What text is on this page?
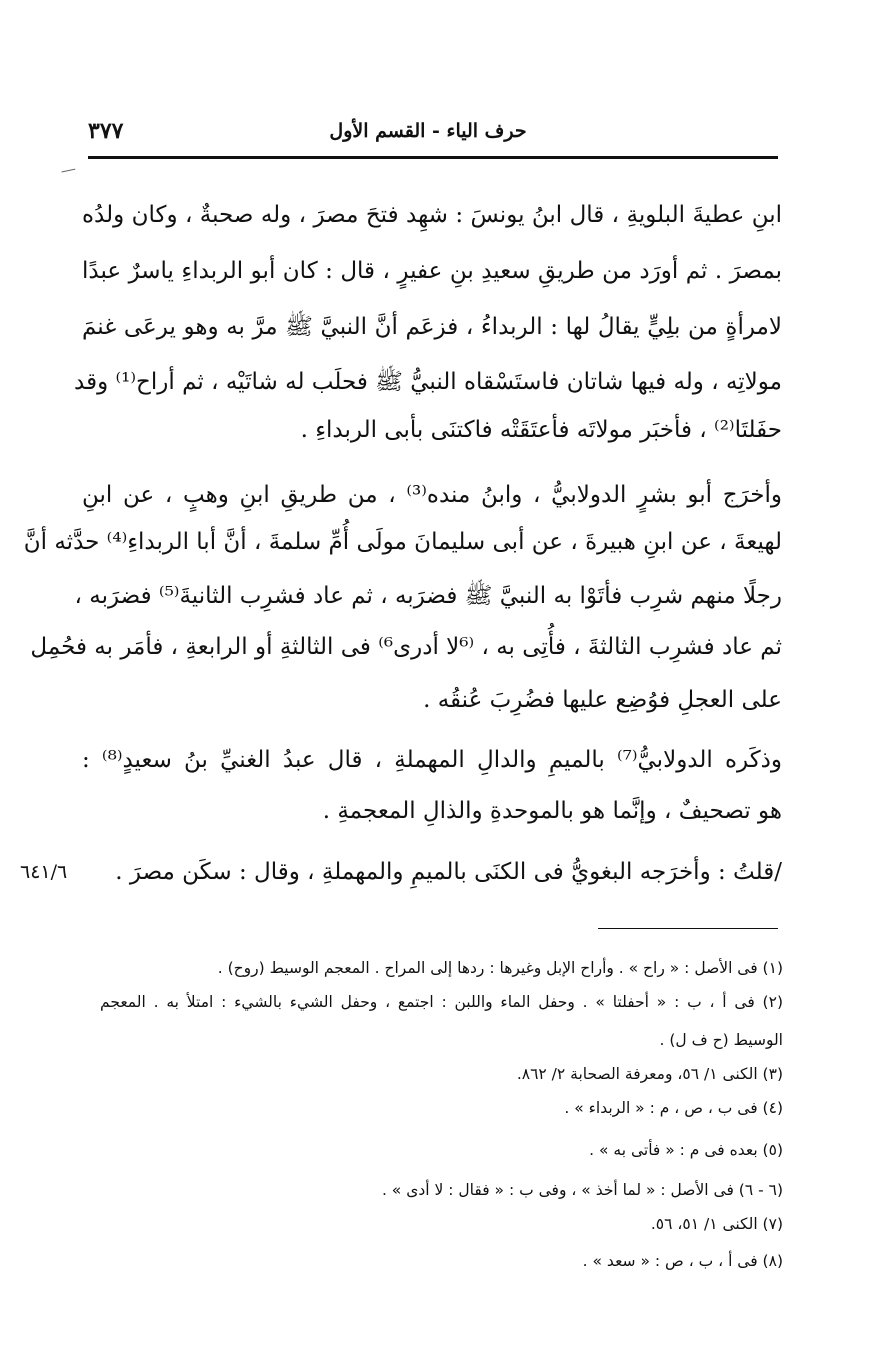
٣٧٧	حرف الياء - القسم الأول
ابنِ عطيةَ البلويةِ ، قال ابنُ يونسَ : شهِد فتحَ مصرَ ، وله صحبةٌ ، وكان ولدُه
بمصرَ . ثم أورَد من طريقِ سعيدِ بنِ عفيرٍ ، قال : كان أبو الربداءِ ياسرٌ عبدًا
لامرأةٍ من بلِيٍّ يقالُ لها : الربداءُ ، فزعَم أنَّ النبيَّ ﷺ مرَّ به وهو يرعَى غنمَ
مولاتِه ، وله فيها شاتان فاستَسْقاه النبيُّ ﷺ فحلَب له شاتَيْه ، ثم أراح⁽¹⁾ وقد
حفَلتَا⁽²⁾ ، فأخبَر مولاتَه فأعتَقَتْه فاكتنَى بأبى الربداءِ .
وأخرَج أبو بشرٍ الدولابيُّ ، وابنُ منده⁽³⁾ ، من طريقِ ابنِ وهبٍ ، عن ابنِ
لهيعةَ ، عن ابنِ هبيرةَ ، عن أبى سليمانَ مولَى أُمِّ سلمةَ ، أنَّ أبا الربداءِ⁽⁴⁾ حدَّثه أنَّ
رجلًا منهم شرِب فأتَوْا به النبيَّ ﷺ فضرَبه ، ثم عاد فشرِب الثانيةَ⁽⁵⁾ فضرَبه ،
ثم عاد فشرِب الثالثةَ ، فأُتِى به ، ⁽⁶لا أدرى⁶⁾ فى الثالثةِ أو الرابعةِ ، فأمَر به فحُمِل
على العجلِ فوُضِع عليها فضُرِبَ عُنقُه .
وذكَره الدولابيُّ⁽⁷⁾ بالميمِ والدالِ المهملةِ ، قال عبدُ الغنيِّ بنُ سعيدٍ⁽⁸⁾ :
هو تصحيفٌ ، وإنَّما هو بالموحدةِ والذالِ المعجمةِ .
/قلتُ : وأخرَجه البغويُّ فى الكنَى بالميمِ والمهملةِ ، وقال : سكَن مصرَ .
٦٤١/٦
(١) فى الأصل : « راح » . وأراح الإبل وغيرها : ردها إلى المراح . المعجم الوسيط (روح) .
(٢) فى أ ، ب : « أحفلتا » . وحفل الماء واللبن : اجتمع ، وحفل الشيء بالشيء : امتلأ به . المعجم
الوسيط (ح ف ل) .
(٣) الكنى ١/ ٥٦، ومعرفة الصحابة ٢/ ٨٦٢.
(٤) فى ب ، ص ، م : « الربداء » .
(٥) بعده فى م : « فأتى به » .
(٦ - ٦) فى الأصل : « لما أخذ » ، وفى ب : « فقال : لا أدى » .
(٧) الكنى ١/ ٥١، ٥٦.
(٨) فى أ ، ب ، ص : « سعد » .
